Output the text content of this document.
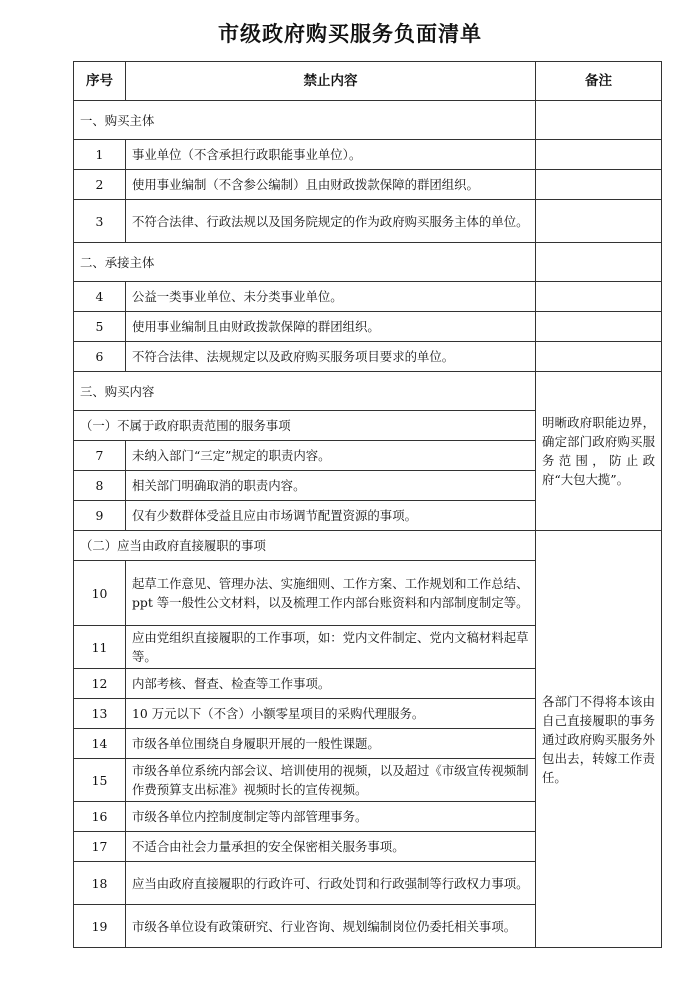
市级政府购买服务负面清单
序号	禁止内容	备注
一、购买主体		
1	事业单位（不含承担行政职能事业单位）。	
2	使用事业编制（不含参公编制）且由财政拨款保障的群团组织。	
3	不符合法律、行政法规以及国务院规定的作为政府购买服务主体的单位。	
二、承接主体		
4	公益一类事业单位、未分类事业单位。	
5	使用事业编制且由财政拨款保障的群团组织。	
6	不符合法律、法规规定以及政府购买服务项目要求的单位。	
三、购买内容		明晰政府职能边界，确定部门政府购买服务范围，防止政府“大包大揽”。
（一）不属于政府职责范围的服务事项		
7	未纳入部门“三定”规定的职责内容。	
8	相关部门明确取消的职责内容。	
9	仅有少数群体受益且应由市场调节配置资源的事项。	
（二）应当由政府直接履职的事项		各部门不得将本该由自己直接履职的事务通过政府购买服务外包出去，转嫁工作责任。
10	起草工作意见、管理办法、实施细则、工作方案、工作规划和工作总结、ppt 等一般性公文材料，以及梳理工作内部台账资料和内部制度制定等。	
11	应由党组织直接履职的工作事项，如：党内文件制定、党内文稿材料起草等。	
12	内部考核、督查、检查等工作事项。	
13	10 万元以下（不含）小额零星项目的采购代理服务。	
14	市级各单位围绕自身履职开展的一般性课题。	
15	市级各单位系统内部会议、培训使用的视频，以及超过《市级宣传视频制作费预算支出标准》视频时长的宣传视频。	
16	市级各单位内控制度制定等内部管理事务。	
17	不适合由社会力量承担的安全保密相关服务事项。	
18	应当由政府直接履职的行政许可、行政处罚和行政强制等行政权力事项。	
19	市级各单位设有政策研究、行业咨询、规划编制岗位仍委托相关事项。	
